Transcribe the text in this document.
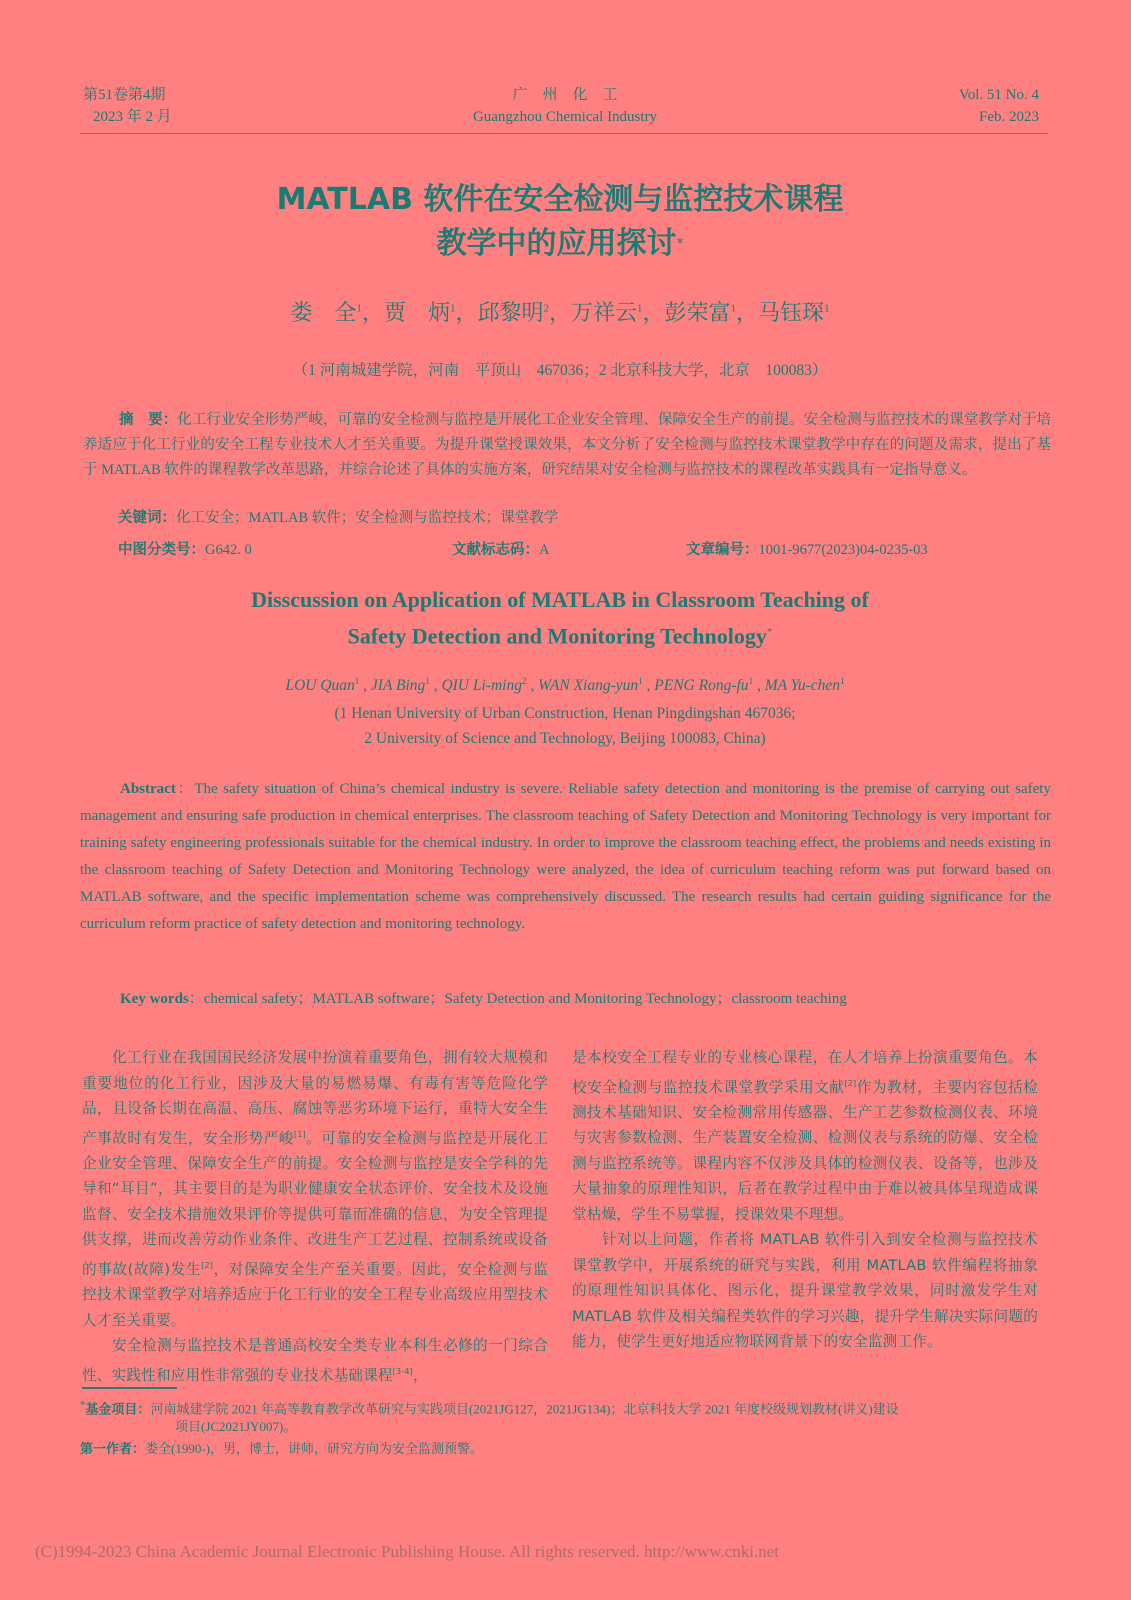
第51卷第4期
2023 年 2 月
广　州　化　工
Guangzhou Chemical Industry
Vol. 51 No. 4
Feb. 2023
MATLAB 软件在安全检测与监控技术课程
教学中的应用探讨*
娄　全$^1$，贾　炳$^1$，邱黎明$^2$，万祥云$^1$，彭荣富$^1$，马钰琛$^1$
（1 河南城建学院，河南　平顶山　467036；2 北京科技大学，北京　100083）
摘　要：化工行业安全形势严峻，可靠的安全检测与监控是开展化工企业安全管理、保障安全生产的前提。安全检测与监控技术的课堂教学对于培养适应于化工行业的安全工程专业技术人才至关重要。为提升课堂授课效果，本文分析了安全检测与监控技术课堂教学中存在的问题及需求，提出了基于 MATLAB 软件的课程教学改革思路，并综合论述了具体的实施方案，研究结果对安全检测与监控技术的课程改革实践具有一定指导意义。
关键词：化工安全；MATLAB 软件；安全检测与监控技术；课堂教学
中图分类号：G642. 0	文献标志码：A	文章编号：1001-9677(2023)04-0235-03
Disscussion on Application of MATLAB in Classroom Teaching of
Safety Detection and Monitoring Technology*
LOU Quan$^1$ , JIA Bing$^1$ , QIU Li-ming$^2$ , WAN Xiang-yun$^1$ , PENG Rong-$fu^1$ , MA Yu-chen$^1$
(1 Henan University of Urban Construction, Henan Pingdingshan 467036;
2 University of Science and Technology, Beijing 100083, China)
Abstract：The safety situation of China’s chemical industry is severe. Reliable safety detection and monitoring is the premise of carrying out safety management and ensuring safe production in chemical enterprises. The classroom teaching of Safety Detection and Monitoring Technology is very important for training safety engineering professionals suitable for the chemical industry. In order to improve the classroom teaching effect, the problems and needs existing in the classroom teaching of Safety Detection and Monitoring Technology were analyzed, the idea of curriculum teaching reform was put forward based on MATLAB software, and the specific implementation scheme was comprehensively discussed. The research results had certain guiding significance for the curriculum reform practice of safety detection and monitoring technology.
Key words：chemical safety；MATLAB software；Safety Detection and Monitoring Technology；classroom teaching

化工行业在我国国民经济发展中扮演着重要角色，拥有较大规模和重要地位的化工行业，因涉及大量的易燃易爆、有毒有害等危险化学品，且设备长期在高温、高压、腐蚀等恶劣环境下运行，重特大安全生产事故时有发生，安全形势严峻[1]。可靠的安全检测与监控是开展化工企业安全管理、保障安全生产的前提。安全检测与监控是安全学科的先导和“耳目”，其主要目的是为职业健康安全状态评价、安全技术及设施监督、安全技术措施效果评价等提供可靠而准确的信息，为安全管理提供支撑，进而改善劳动作业条件、改进生产工艺过程、控制系统或设备的事故(故障)发生[2]，对保障安全生产至关重要。因此，安全检测与监控技术课堂教学对培养适应于化工行业的安全工程专业高级应用型技术人才至关重要。

安全检测与监控技术是普通高校安全类专业本科生必修的一门综合性、实践性和应用性非常强的专业技术基础课程[3-4]，

是本校安全工程专业的专业核心课程，在人才培养上扮演重要角色。本校安全检测与监控技术课堂教学采用文献[2]作为教材，主要内容包括检测技术基础知识、安全检测常用传感器、生产工艺参数检测仪表、环境与灾害参数检测、生产装置安全检测、检测仪表与系统的防爆、安全检测与监控系统等。课程内容不仅涉及具体的检测仪表、设备等，也涉及大量抽象的原理性知识，后者在教学过程中由于难以被具体呈现造成课堂枯燥，学生不易掌握，授课效果不理想。

针对以上问题，作者将 MATLAB 软件引入到安全检测与监控技术课堂教学中，开展系统的研究与实践，利用 MATLAB 软件编程将抽象的原理性知识具体化、图示化，提升课堂教学效果，同时激发学生对 MATLAB 软件及相关编程类软件的学习兴趣，提升学生解决实际问题的能力，使学生更好地适应物联网背景下的安全监测工作。

*基金项目：河南城建学院 2021 年高等教育教学改革研究与实践项目(2021JG127，2021JG134)；北京科技大学 2021 年度校级规划教材(讲义)建设
项目(JC2021JY007)。
第一作者：娄全(1990-)，男，博士，讲师，研究方向为安全监测预警。
(C)1994-2023 China Academic Journal Electronic Publishing House. All rights reserved. http://www.cnki.net
